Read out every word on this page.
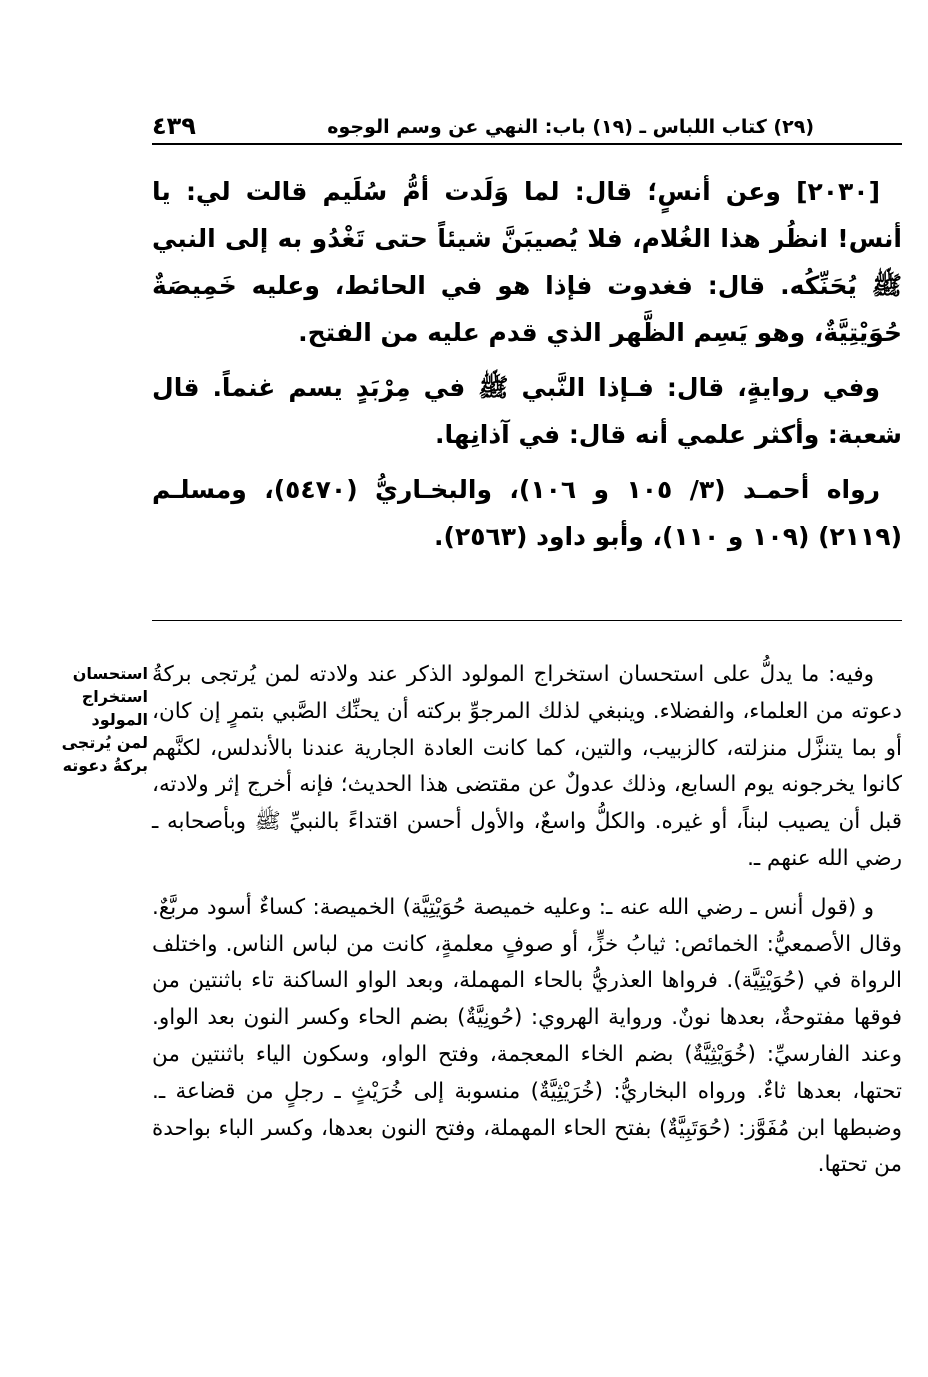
(٢٩) كتاب اللباس ـ (١٩) باب: النهي عن وسم الوجوه
٤٣٩

[٢٠٣٠] وعن أنسٍ؛ قال: لما وَلَدت أمُّ سُلَيم قالت لي: يا أنس! انظُر هذا الغُلام، فلا يُصيبَنَّ شيئاً حتى تَغْدُو به إلى النبي ﷺ يُحَنِّكُه. قال: فغدوت فإذا هو في الحائط، وعليه خَمِيصَةٌ حُوَيْتِيَّةٌ، وهو يَسِم الظَّهر الذي قدم عليه من الفتح.

وفي روايةٍ، قال: فـإذا النَّبي ﷺ في مِرْبَدٍ يسم غنماً. قال شعبة: وأكثر علمي أنه قال: في آذانِها.

رواه أحمـد (٣/ ١٠٥ و ١٠٦)، والبخـاريُّ (٥٤٧٠)، ومسلـم (٢١١٩) (١٠٩ و ١١٠)، وأبو داود (٢٥٦٣).

استحسان استخراج المولود لمن يُرتجى بركةُ دعوته

وفيه: ما يدلُّ على استحسان استخراج المولود الذكر عند ولادته لمن يُرتجى بركةُ دعوته من العلماء، والفضلاء. وينبغي لذلك المرجوِّ بركته أن يحنِّك الصَّبي بتمرٍ إن كان، أو بما يتنزَّل منزلته، كالزبيب، والتين، كما كانت العادة الجارية عندنا بالأندلس، لكنَّهم كانوا يخرجونه يوم السابع، وذلك عدولٌ عن مقتضى هذا الحديث؛ فإنه أخرج إثر ولادته، قبل أن يصيب لبناً، أو غيره. والكلُّ واسعٌ، والأول أحسن اقتداءً بالنبيِّ ﷺ وبأصحابه ـ رضي الله عنهم ـ.

و (قول أنس ـ رضي الله عنه ـ: وعليه خميصة حُوَيْتِيَّة) الخميصة: كساءٌ أسود مربَّعٌ. وقال الأصمعيُّ: الخمائص: ثيابُ خزٍّ، أو صوفٍ معلمةٍ، كانت من لباس الناس. واختلف الرواة في (حُوَيْتِيَّة). فرواها العذريُّ بالحاء المهملة، وبعد الواو الساكنة تاء باثنتين من فوقها مفتوحةٌ، بعدها نونٌ. ورواية الهروي: (حُونِيَّةٌ) بضم الحاء وكسر النون بعد الواو. وعند الفارسيِّ: (خُوَيْثِيَّةٌ) بضم الخاء المعجمة، وفتح الواو، وسكون الياء باثنتين من تحتها، بعدها ثاءٌ. ورواه البخاريُّ: (خُرَيْثِيَّةٌ) منسوبة إلى خُرَيْثٍ ـ رجلٍ من قضاعة ـ. وضبطها ابن مُفَوَّز: (حُوَتَبِيَّةٌ) بفتح الحاء المهملة، وفتح النون بعدها، وكسر الباء بواحدة من تحتها.
